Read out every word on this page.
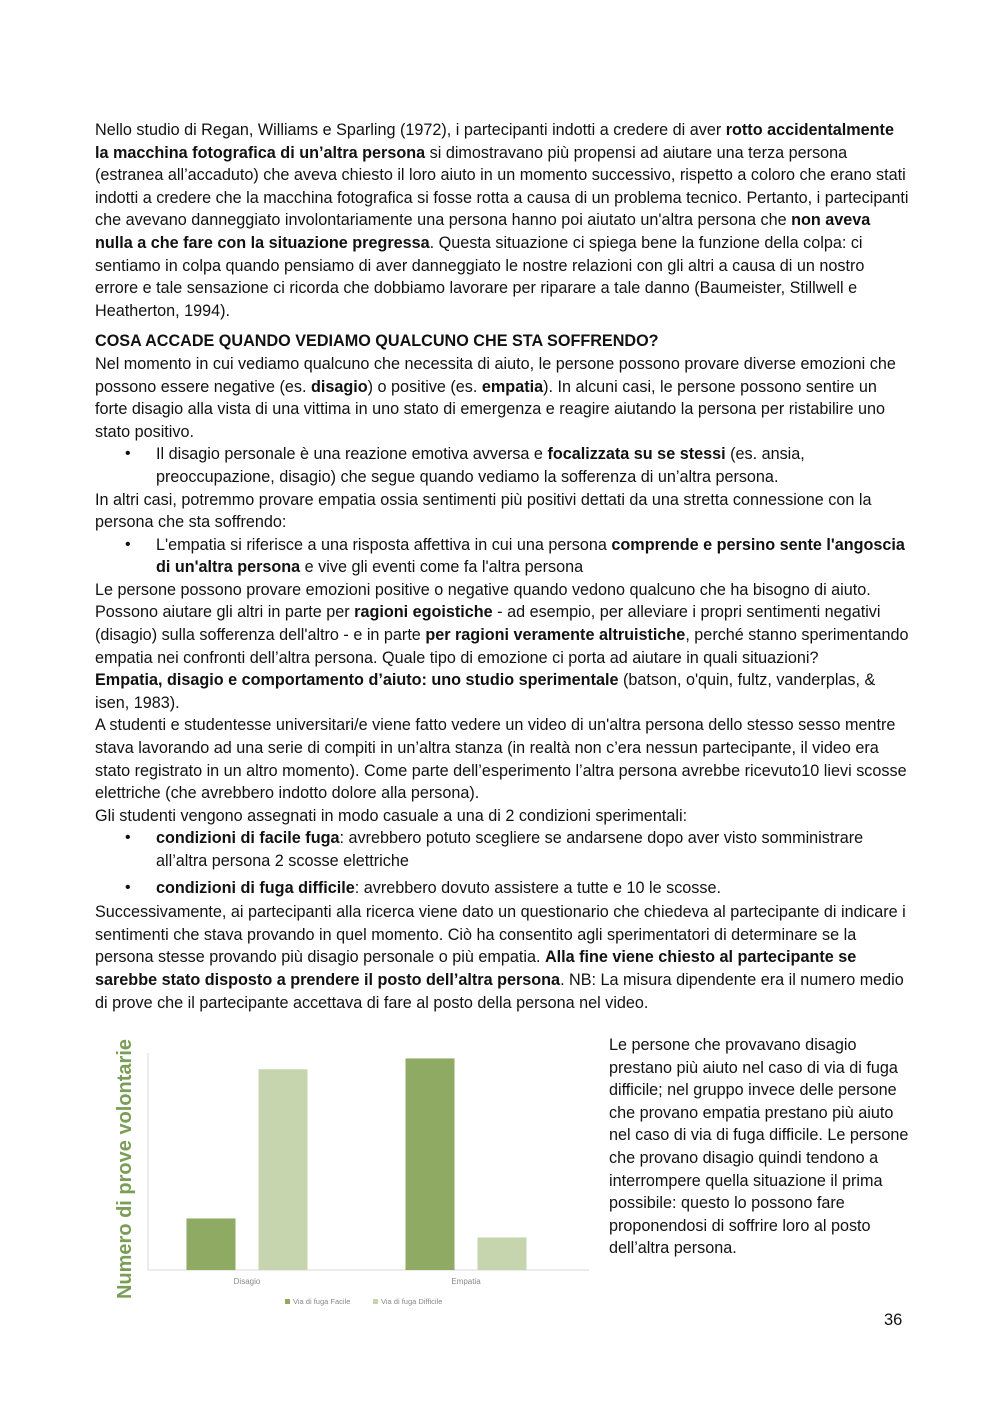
Nello studio di Regan, Williams e Sparling (1972), i partecipanti indotti a credere di aver rotto accidentalmente la macchina fotografica di un’altra persona si dimostravano più propensi ad aiutare una terza persona (estranea all’accaduto) che aveva chiesto il loro aiuto in un momento successivo, rispetto a coloro che erano stati indotti a credere che la macchina fotografica si fosse rotta a causa di un problema tecnico. Pertanto, i partecipanti che avevano danneggiato involontariamente una persona hanno poi aiutato un'altra persona che non aveva nulla a che fare con la situazione pregressa. Questa situazione ci spiega bene la funzione della colpa: ci sentiamo in colpa quando pensiamo di aver danneggiato le nostre relazioni con gli altri a causa di un nostro errore e tale sensazione ci ricorda che dobbiamo lavorare per riparare a tale danno (Baumeister, Stillwell e Heatherton, 1994).

COSA ACCADE QUANDO VEDIAMO QUALCUNO CHE STA SOFFRENDO?

Nel momento in cui vediamo qualcuno che necessita di aiuto, le persone possono provare diverse emozioni che possono essere negative (es. disagio) o positive (es. empatia). In alcuni casi, le persone possono sentire un forte disagio alla vista di una vittima in uno stato di emergenza e reagire aiutando la persona per ristabilire uno stato positivo.

• Il disagio personale è una reazione emotiva avversa e focalizzata su se stessi (es. ansia, preoccupazione, disagio) che segue quando vediamo la sofferenza di un’altra persona.

In altri casi, potremmo provare empatia ossia sentimenti più positivi dettati da una stretta connessione con la persona che sta soffrendo:

• L'empatia si riferisce a una risposta affettiva in cui una persona comprende e persino sente l'angoscia di un'altra persona e vive gli eventi come fa l'altra persona

Le persone possono provare emozioni positive o negative quando vedono qualcuno che ha bisogno di aiuto. Possono aiutare gli altri in parte per ragioni egoistiche - ad esempio, per alleviare i propri sentimenti negativi (disagio) sulla sofferenza dell'altro - e in parte per ragioni veramente altruistiche, perché stanno sperimentando empatia nei confronti dell’altra persona. Quale tipo di emozione ci porta ad aiutare in quali situazioni?

Empatia, disagio e comportamento d’aiuto: uno studio sperimentale (batson, o'quin, fultz, vanderplas, & isen, 1983).

A studenti e studentesse universitari/e viene fatto vedere un video di un'altra persona dello stesso sesso mentre stava lavorando ad una serie di compiti in un’altra stanza (in realtà non c’era nessun partecipante, il video era stato registrato in un altro momento). Come parte dell’esperimento l’altra persona avrebbe ricevuto10 lievi scosse elettriche (che avrebbero indotto dolore alla persona).

Gli studenti vengono assegnati in modo casuale a una di 2 condizioni sperimentali:

• condizioni di facile fuga: avrebbero potuto scegliere se andarsene dopo aver visto somministrare all’altra persona 2 scosse elettriche
• condizioni di fuga difficile: avrebbero dovuto assistere a tutte e 10 le scosse.

Successivamente, ai partecipanti alla ricerca viene dato un questionario che chiedeva al partecipante di indicare i sentimenti che stava provando in quel momento. Ciò ha consentito agli sperimentatori di determinare se la persona stesse provando più disagio personale o più empatia. Alla fine viene chiesto al partecipante se sarebbe stato disposto a prendere il posto dell’altra persona. NB: La misura dipendente era il numero medio di prove che il partecipante accettava di fare al posto della persona nel video.

Numero di prove volontarie	Disagio	Empatia
Via di fuga Facile	Via di fuga Difficile
Le persone che provavano disagio prestano più aiuto nel caso di via di fuga difficile; nel gruppo invece delle persone che provano empatia prestano più aiuto nel caso di via di fuga difficile. Le persone che provano disagio quindi tendono a interrompere quella situazione il prima possibile: questo lo possono fare proponendosi di soffrire loro al posto dell’altra persona.
36
